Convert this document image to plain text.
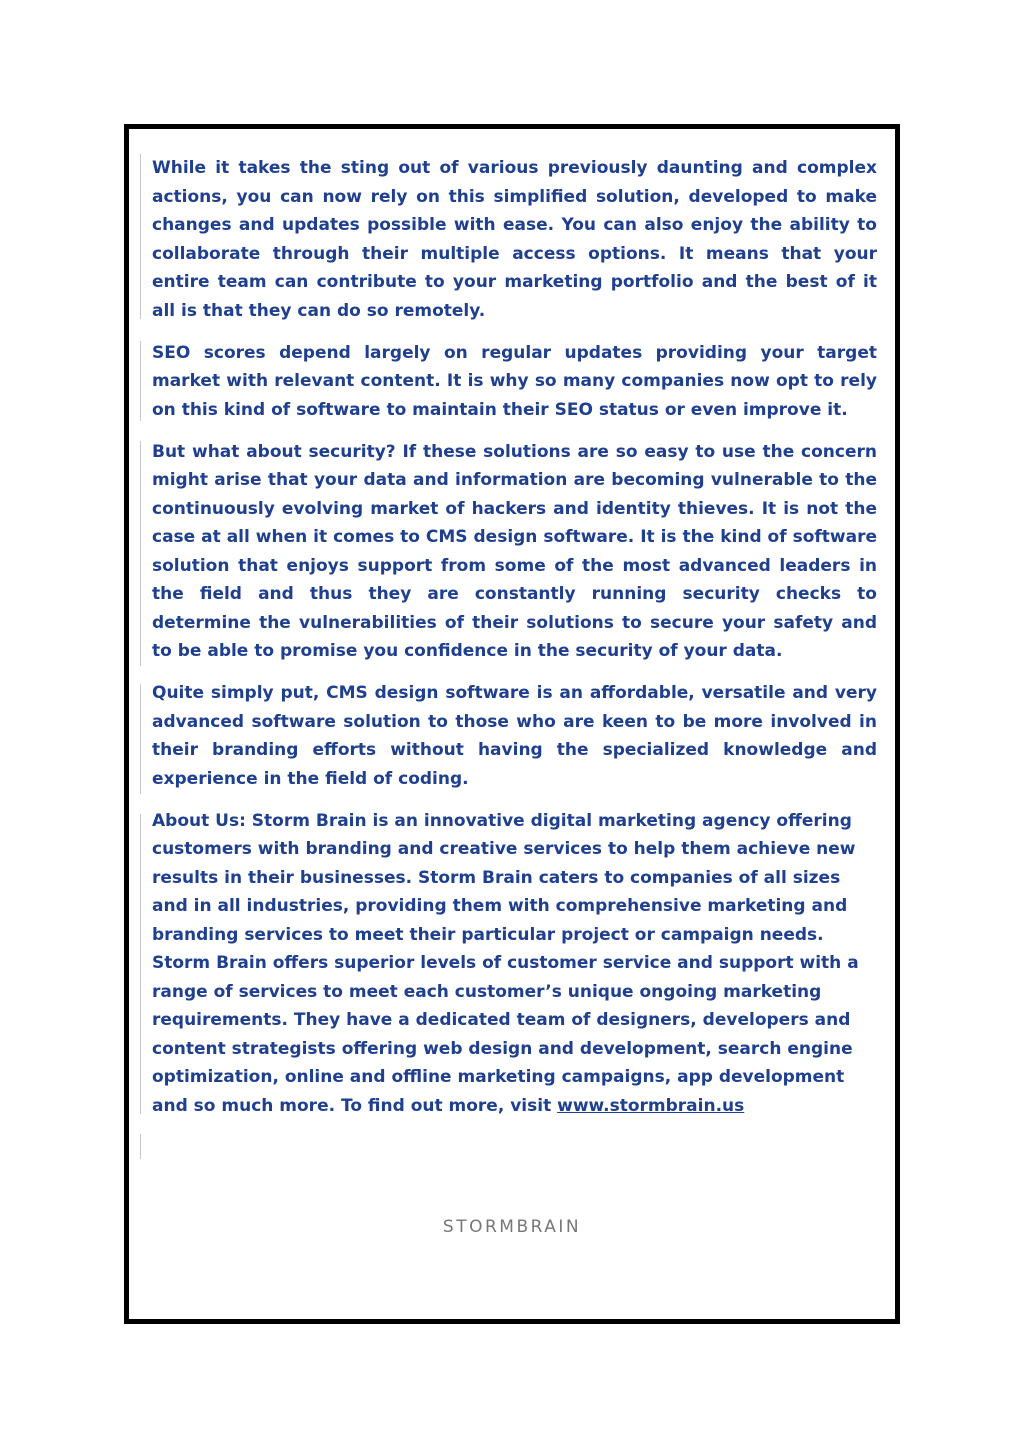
While it takes the sting out of various previously daunting and complex actions, you can now rely on this simplified solution, developed to make changes and updates possible with ease. You can also enjoy the ability to collaborate through their multiple access options. It means that your entire team can contribute to your marketing portfolio and the best of it all is that they can do so remotely.

SEO scores depend largely on regular updates providing your target market with relevant content. It is why so many companies now opt to rely on this kind of software to maintain their SEO status or even improve it.

But what about security? If these solutions are so easy to use the concern might arise that your data and information are becoming vulnerable to the continuously evolving market of hackers and identity thieves. It is not the case at all when it comes to CMS design software. It is the kind of software solution that enjoys support from some of the most advanced leaders in the field and thus they are constantly running security checks to determine the vulnerabilities of their solutions to secure your safety and to be able to promise you confidence in the security of your data.

Quite simply put, CMS design software is an affordable, versatile and very advanced software solution to those who are keen to be more involved in their branding efforts without having the specialized knowledge and experience in the field of coding.

About Us: Storm Brain is an innovative digital marketing agency offering customers with branding and creative services to help them achieve new results in their businesses. Storm Brain caters to companies of all sizes and in all industries, providing them with comprehensive marketing and branding services to meet their particular project or campaign needs. Storm Brain offers superior levels of customer service and support with a range of services to meet each customer’s unique ongoing marketing requirements. They have a dedicated team of designers, developers and content strategists offering web design and development, search engine optimization, online and offline marketing campaigns, app development and so much more. To find out more, visit www.stormbrain.us

STORMBRAIN
